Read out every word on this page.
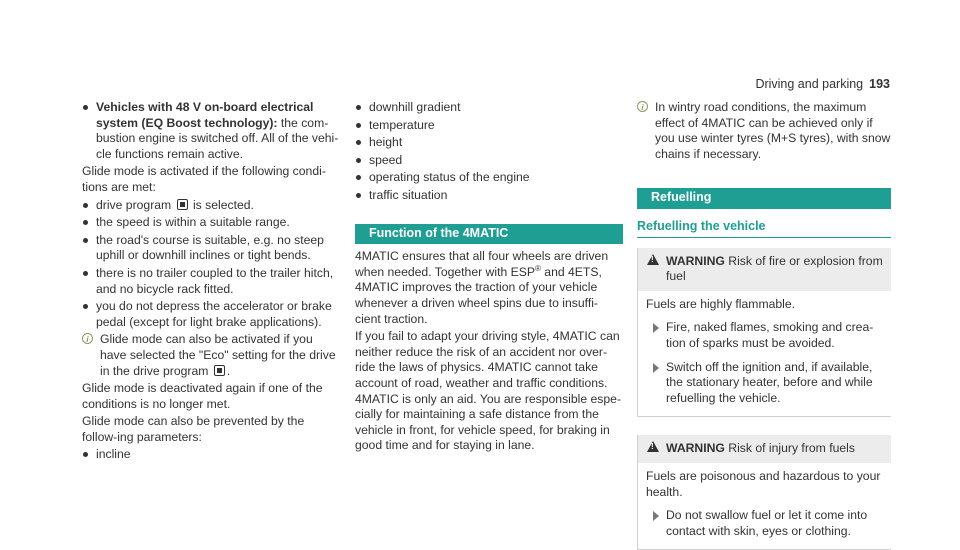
Driving and parking 193
Vehicles with 48 V on-board electrical system (EQ Boost technology): the com-bustion engine is switched off. All of the vehi-cle functions remain active.

Glide mode is activated if the following condi-tions are met:

drive program is selected.
the speed is within a suitable range.
the road's course is suitable, e.g. no steep uphill or downhill inclines or tight bends.
there is no trailer coupled to the trailer hitch, and no bicycle rack fitted.
you do not depress the accelerator or brake pedal (except for light brake applications).
i Glide mode can also be activated if you have selected the "Eco" setting for the drive in the drive program .

Glide mode is deactivated again if one of the conditions is no longer met.

Glide mode can also be prevented by the follow-ing parameters:

incline
downhill gradient
temperature
height
speed
operating status of the engine
traffic situation
Function of the 4MATIC

4MATIC ensures that all four wheels are driven when needed. Together with ESP® and 4ETS, 4MATIC improves the traction of your vehicle whenever a driven wheel spins due to insuffi-cient traction.

If you fail to adapt your driving style, 4MATIC can neither reduce the risk of an accident nor over-ride the laws of physics. 4MATIC cannot take account of road, weather and traffic conditions. 4MATIC is only an aid. You are responsible espe-cially for maintaining a safe distance from the vehicle in front, for vehicle speed, for braking in good time and for staying in lane.

i In wintry road conditions, the maximum effect of 4MATIC can be achieved only if you use winter tyres (M+S tyres), with snow chains if necessary.
Refuelling
Refuelling the vehicle
!
WARNING Risk of fire or explosion from fuel

Fuels are highly flammable.

Fire, naked flames, smoking and crea-tion of sparks must be avoided.
Switch off the ignition and, if available, the stationary heater, before and while refuelling the vehicle.
!
WARNING Risk of injury from fuels

Fuels are poisonous and hazardous to your health.

Do not swallow fuel or let it come into contact with skin, eyes or clothing.
